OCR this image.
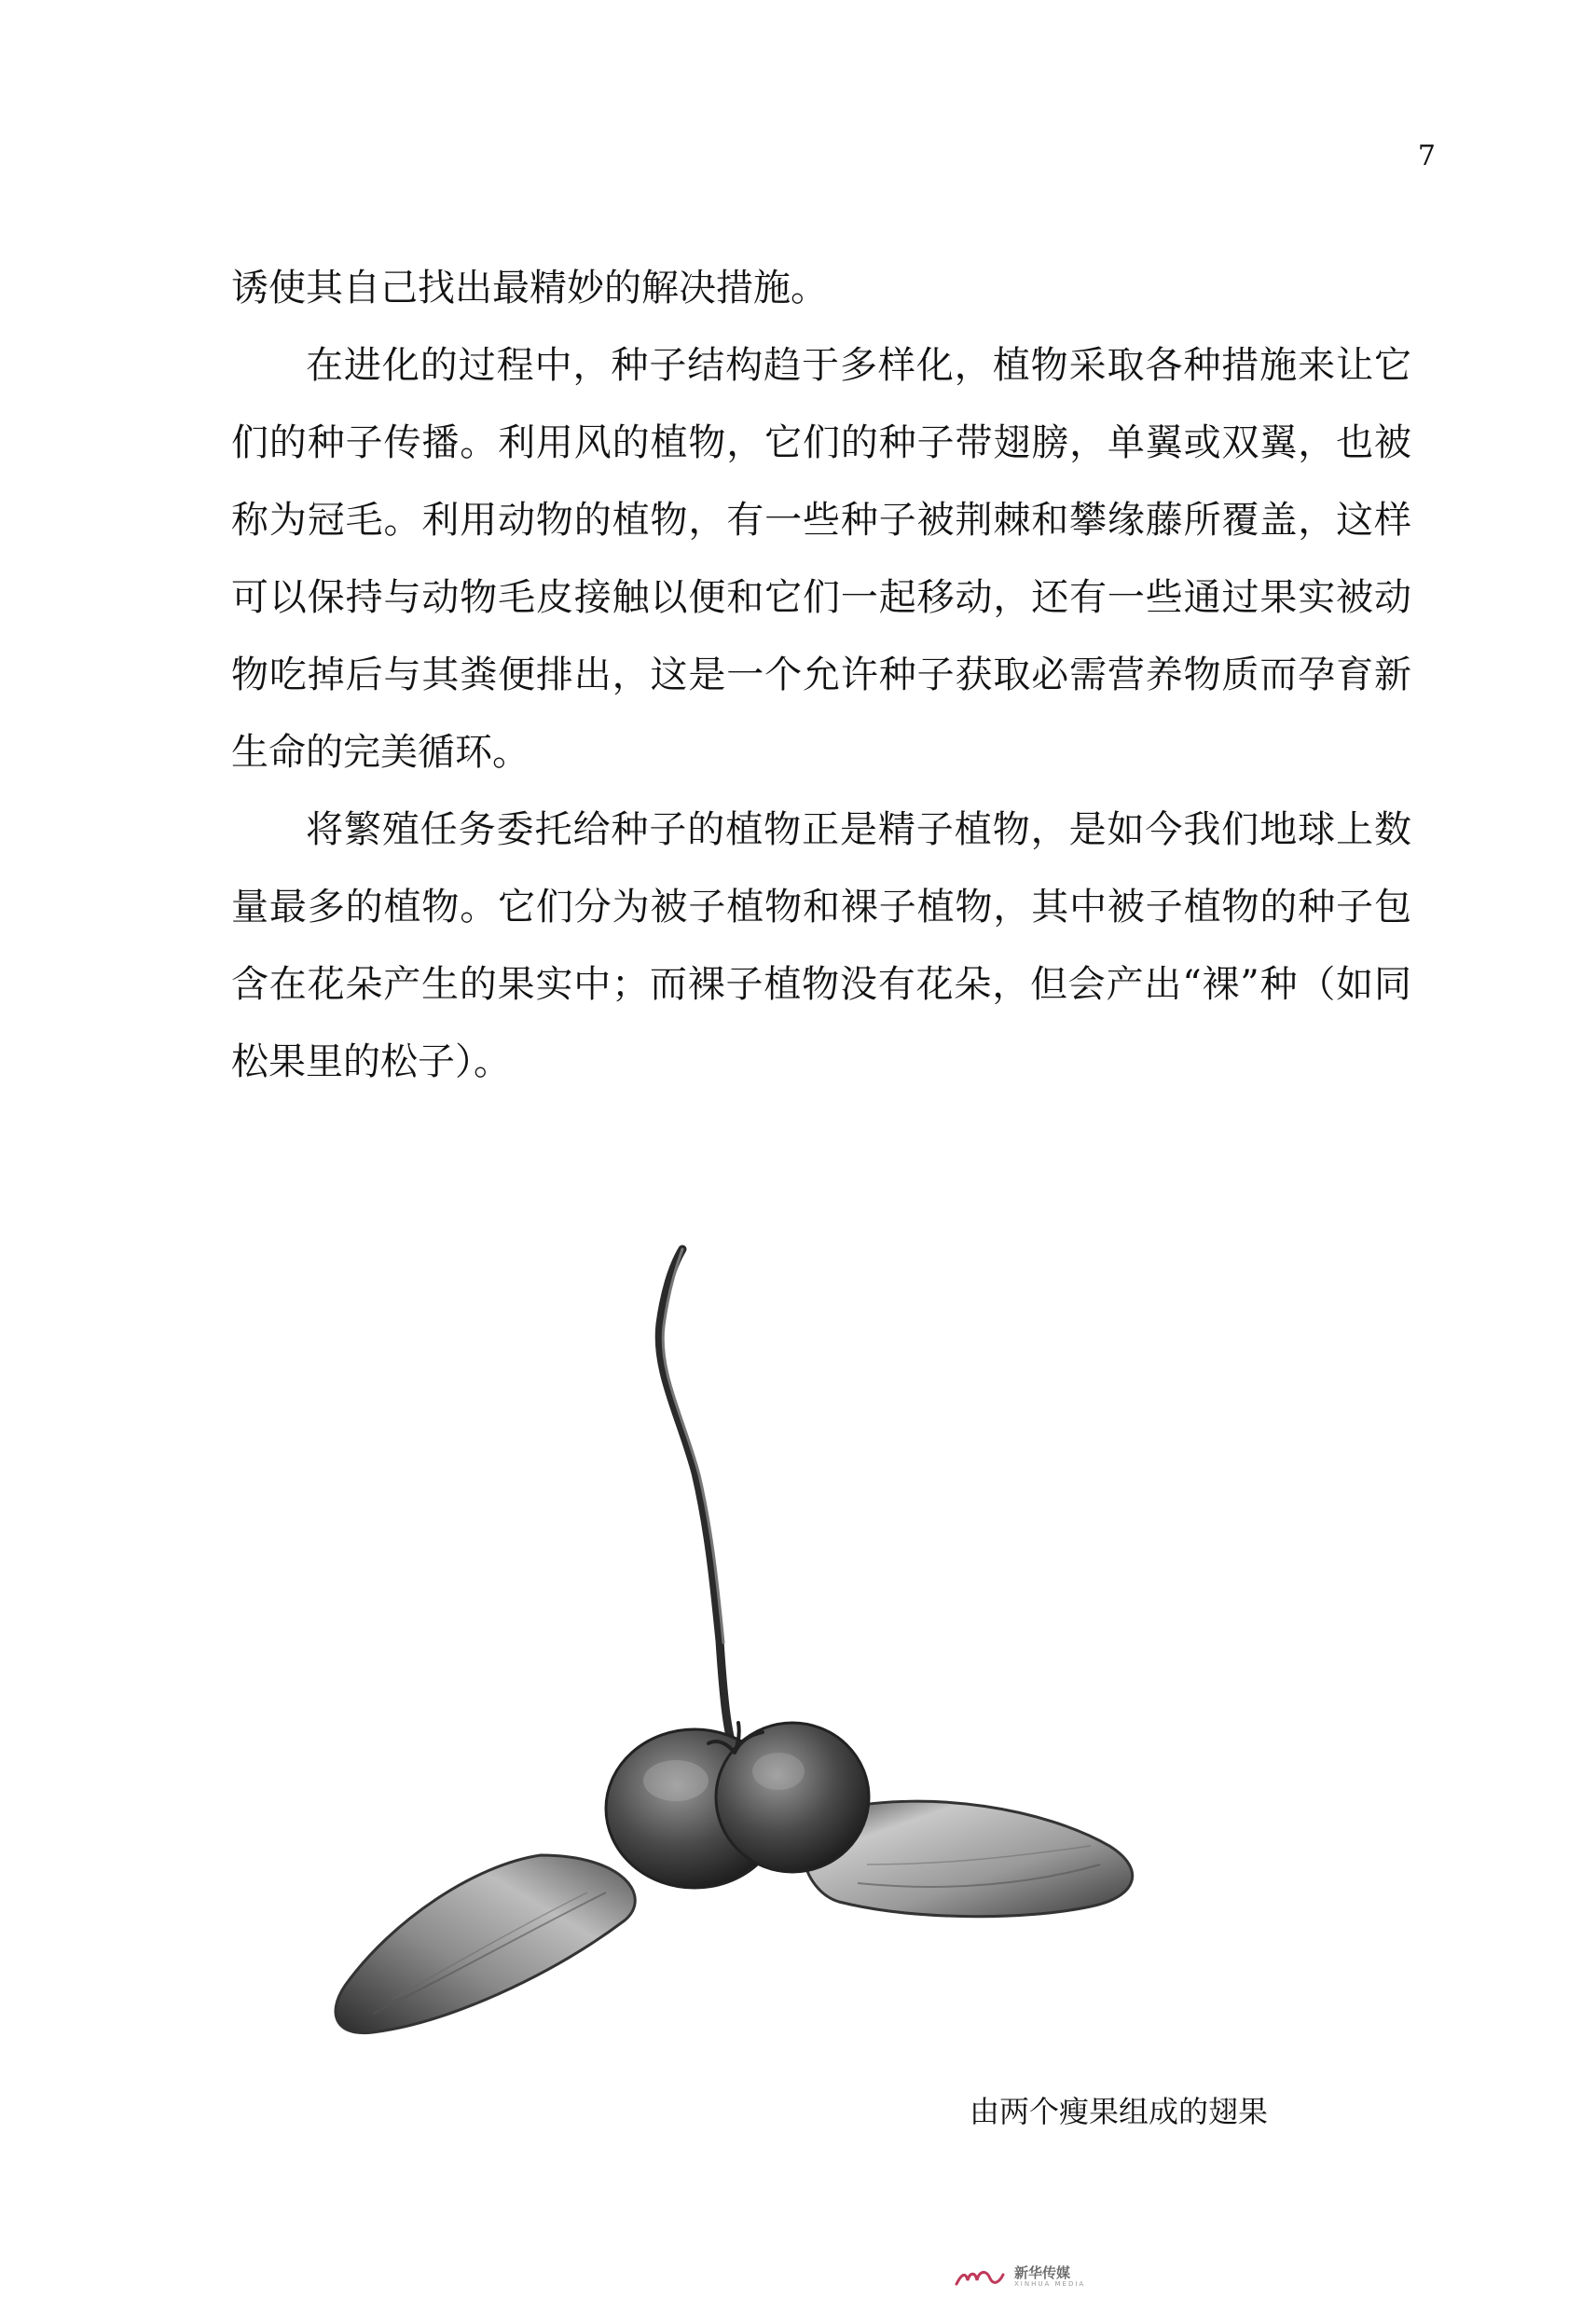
7

诱使其自己找出最精妙的解决措施。

在进化的过程中，种子结构趋于多样化，植物采取各种措施来让它们的种子传播。利用风的植物，它们的种子带翅膀，单翼或双翼，也被称为冠毛。利用动物的植物，有一些种子被荆棘和攀缘藤所覆盖，这样可以保持与动物毛皮接触以便和它们一起移动，还有一些通过果实被动物吃掉后与其粪便排出，这是一个允许种子获取必需营养物质而孕育新生命的完美循环。

将繁殖任务委托给种子的植物正是精子植物，是如今我们地球上数量最多的植物。它们分为被子植物和裸子植物，其中被子植物的种子包含在花朵产生的果实中；而裸子植物没有花朵，但会产出“裸”种（如同松果里的松子）。

由两个瘦果组成的翅果
新华传媒
XINHUA MEDIA
